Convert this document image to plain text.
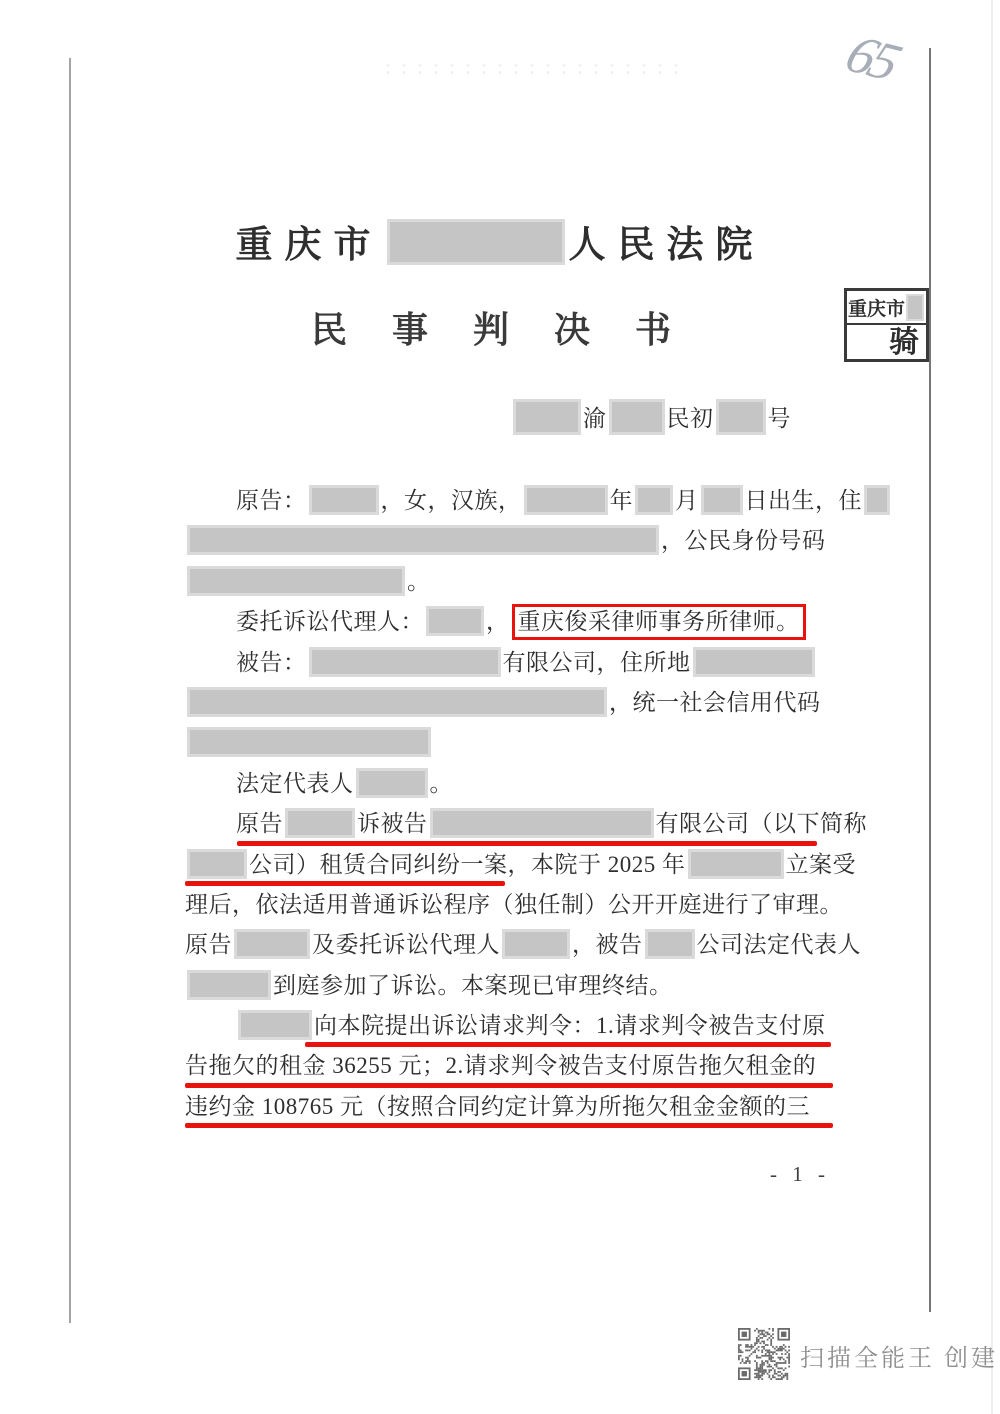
65
重庆市
骑
重庆市	人民法院
民 事 判 决 书
渝	民初 号
原告：	，女，汉族，	年 月 日出生，住
，公民身份号码
。
委托诉讼代理人：	， 重庆俊采律师事务所律师。
被告：	有限公司，住所地
，统一社会信用代码
法定代表人	。
原告	诉被告	有限公司（以下简称
公司）租赁合同纠纷一案，本院于 2025 年	立案受
理后，依法适用普通诉讼程序（独任制）公开开庭进行了审理。
原告	及委托诉讼代理人	，被告 公司法定代表人
到庭参加了诉讼。本案现已审理终结。
向本院提出诉讼请求判令：1.请求判令被告支付原
告拖欠的租金 36255 元；2.请求判令被告支付原告拖欠租金的
违约金 108765 元（按照合同约定计算为所拖欠租金金额的三
- 1 -
扫描全能王 创建
